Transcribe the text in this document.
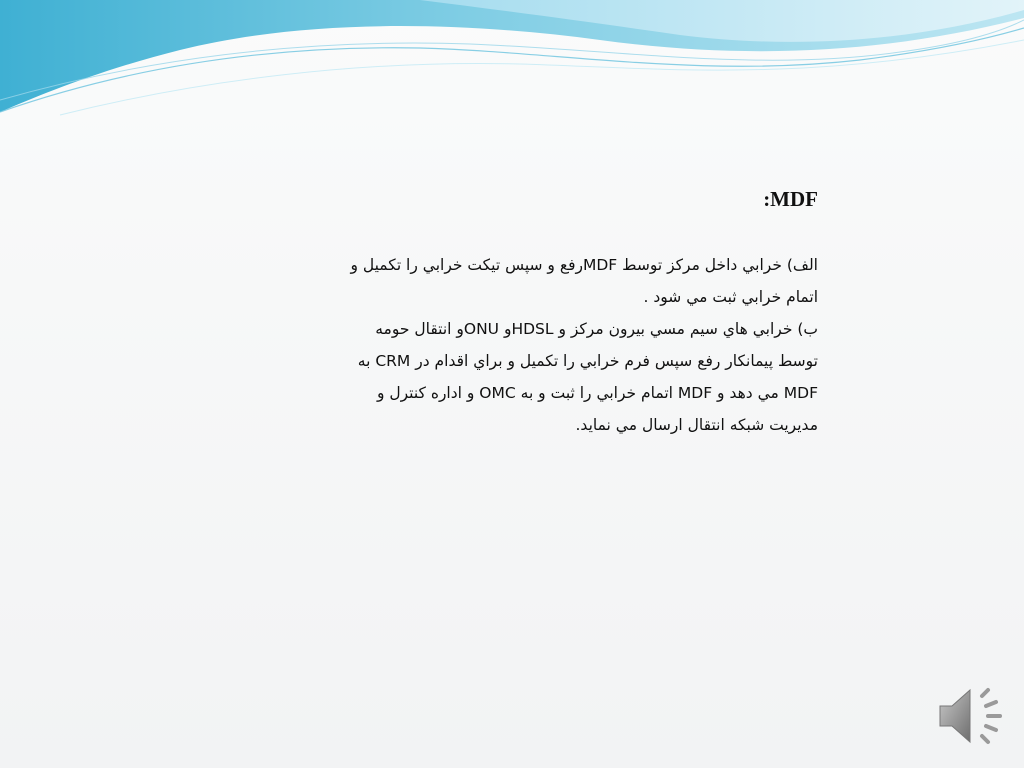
:MDF
الف) خرابي داخل مركز توسط MDFرفع و سپس تيكت خرابي را تكميل و
اتمام خرابي ثبت مي شود .
ب) خرابي هاي سيم مسي بيرون مركز و HDSLو ONUو انتقال حومه
توسط پيمانكار رفع سپس فرم خرابي را تكميل و براي اقدام در CRM به
MDF مي دهد و MDF اتمام خرابي را ثبت و به OMC و اداره كنترل و
مديريت شبكه انتقال ارسال مي نمايد.
